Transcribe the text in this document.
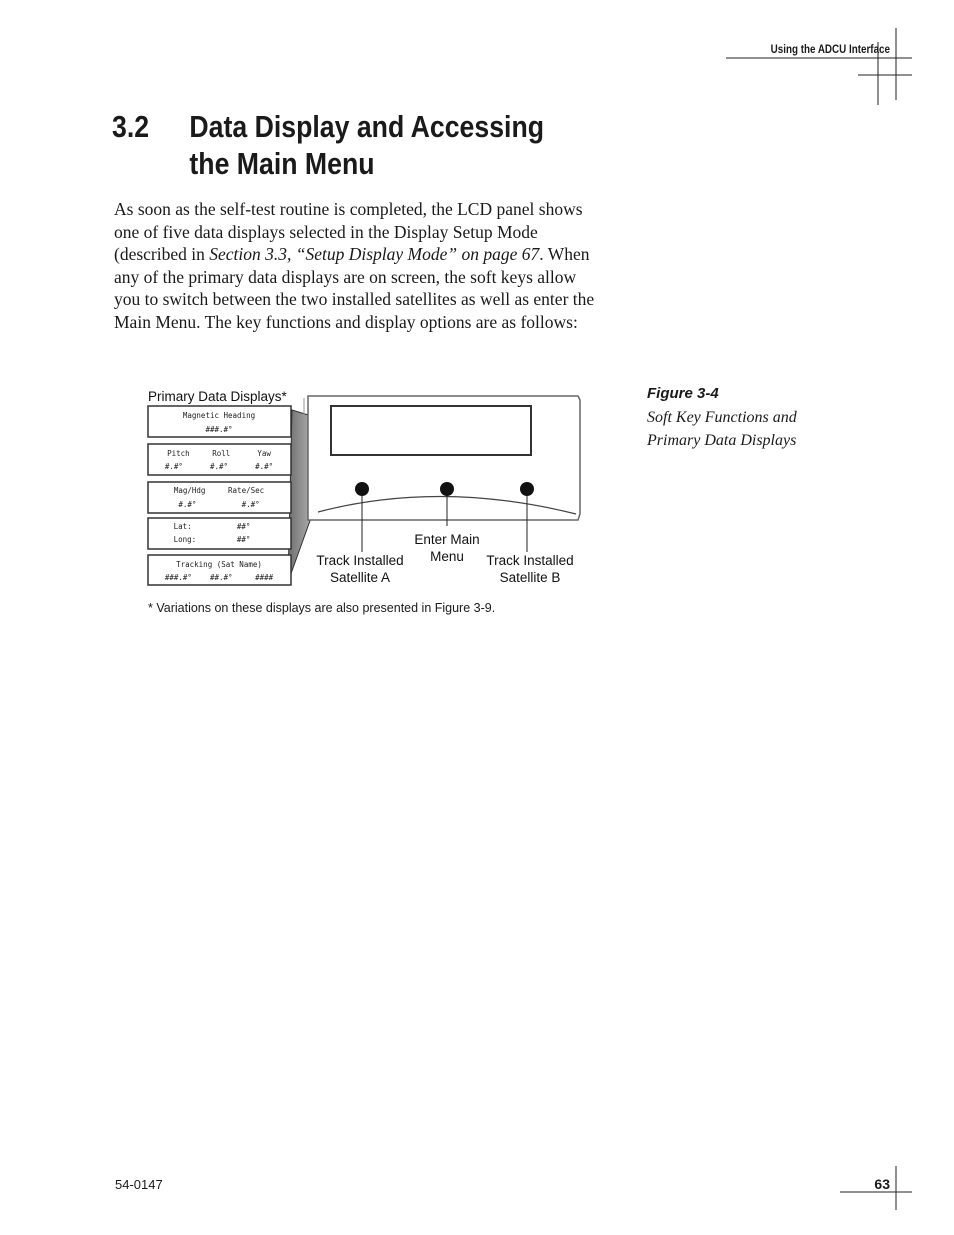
Using the ADCU Interface
3.2 Data Display and Accessing
the Main Menu
As soon as the self-test routine is completed, the LCD panel shows one of five data displays selected in the Display Setup Mode (described in Section 3.3, “Setup Display Mode” on page 67. When any of the primary data displays are on screen, the soft keys allow you to switch between the two installed satellites as well as enter the Main Menu. The key functions and display options are as follows:
Primary Data Displays*
Magnetic Heading
###.#°
Pitch     Roll      Yaw
#.#°      #.#°      #.#°
Mag/Hdg     Rate/Sec
#.#°          #.#°
Lat:          ##°
Long:         ##°
Tracking (Sat Name)
###.#°    ##.#°     ####
Track Installed
Satellite A
Enter Main
Menu	Track Installed
Satellite B
* Variations on these displays are also presented in Figure 3-9.
Figure 3-4
Soft Key Functions and
Primary Data Displays
54-0147	63
